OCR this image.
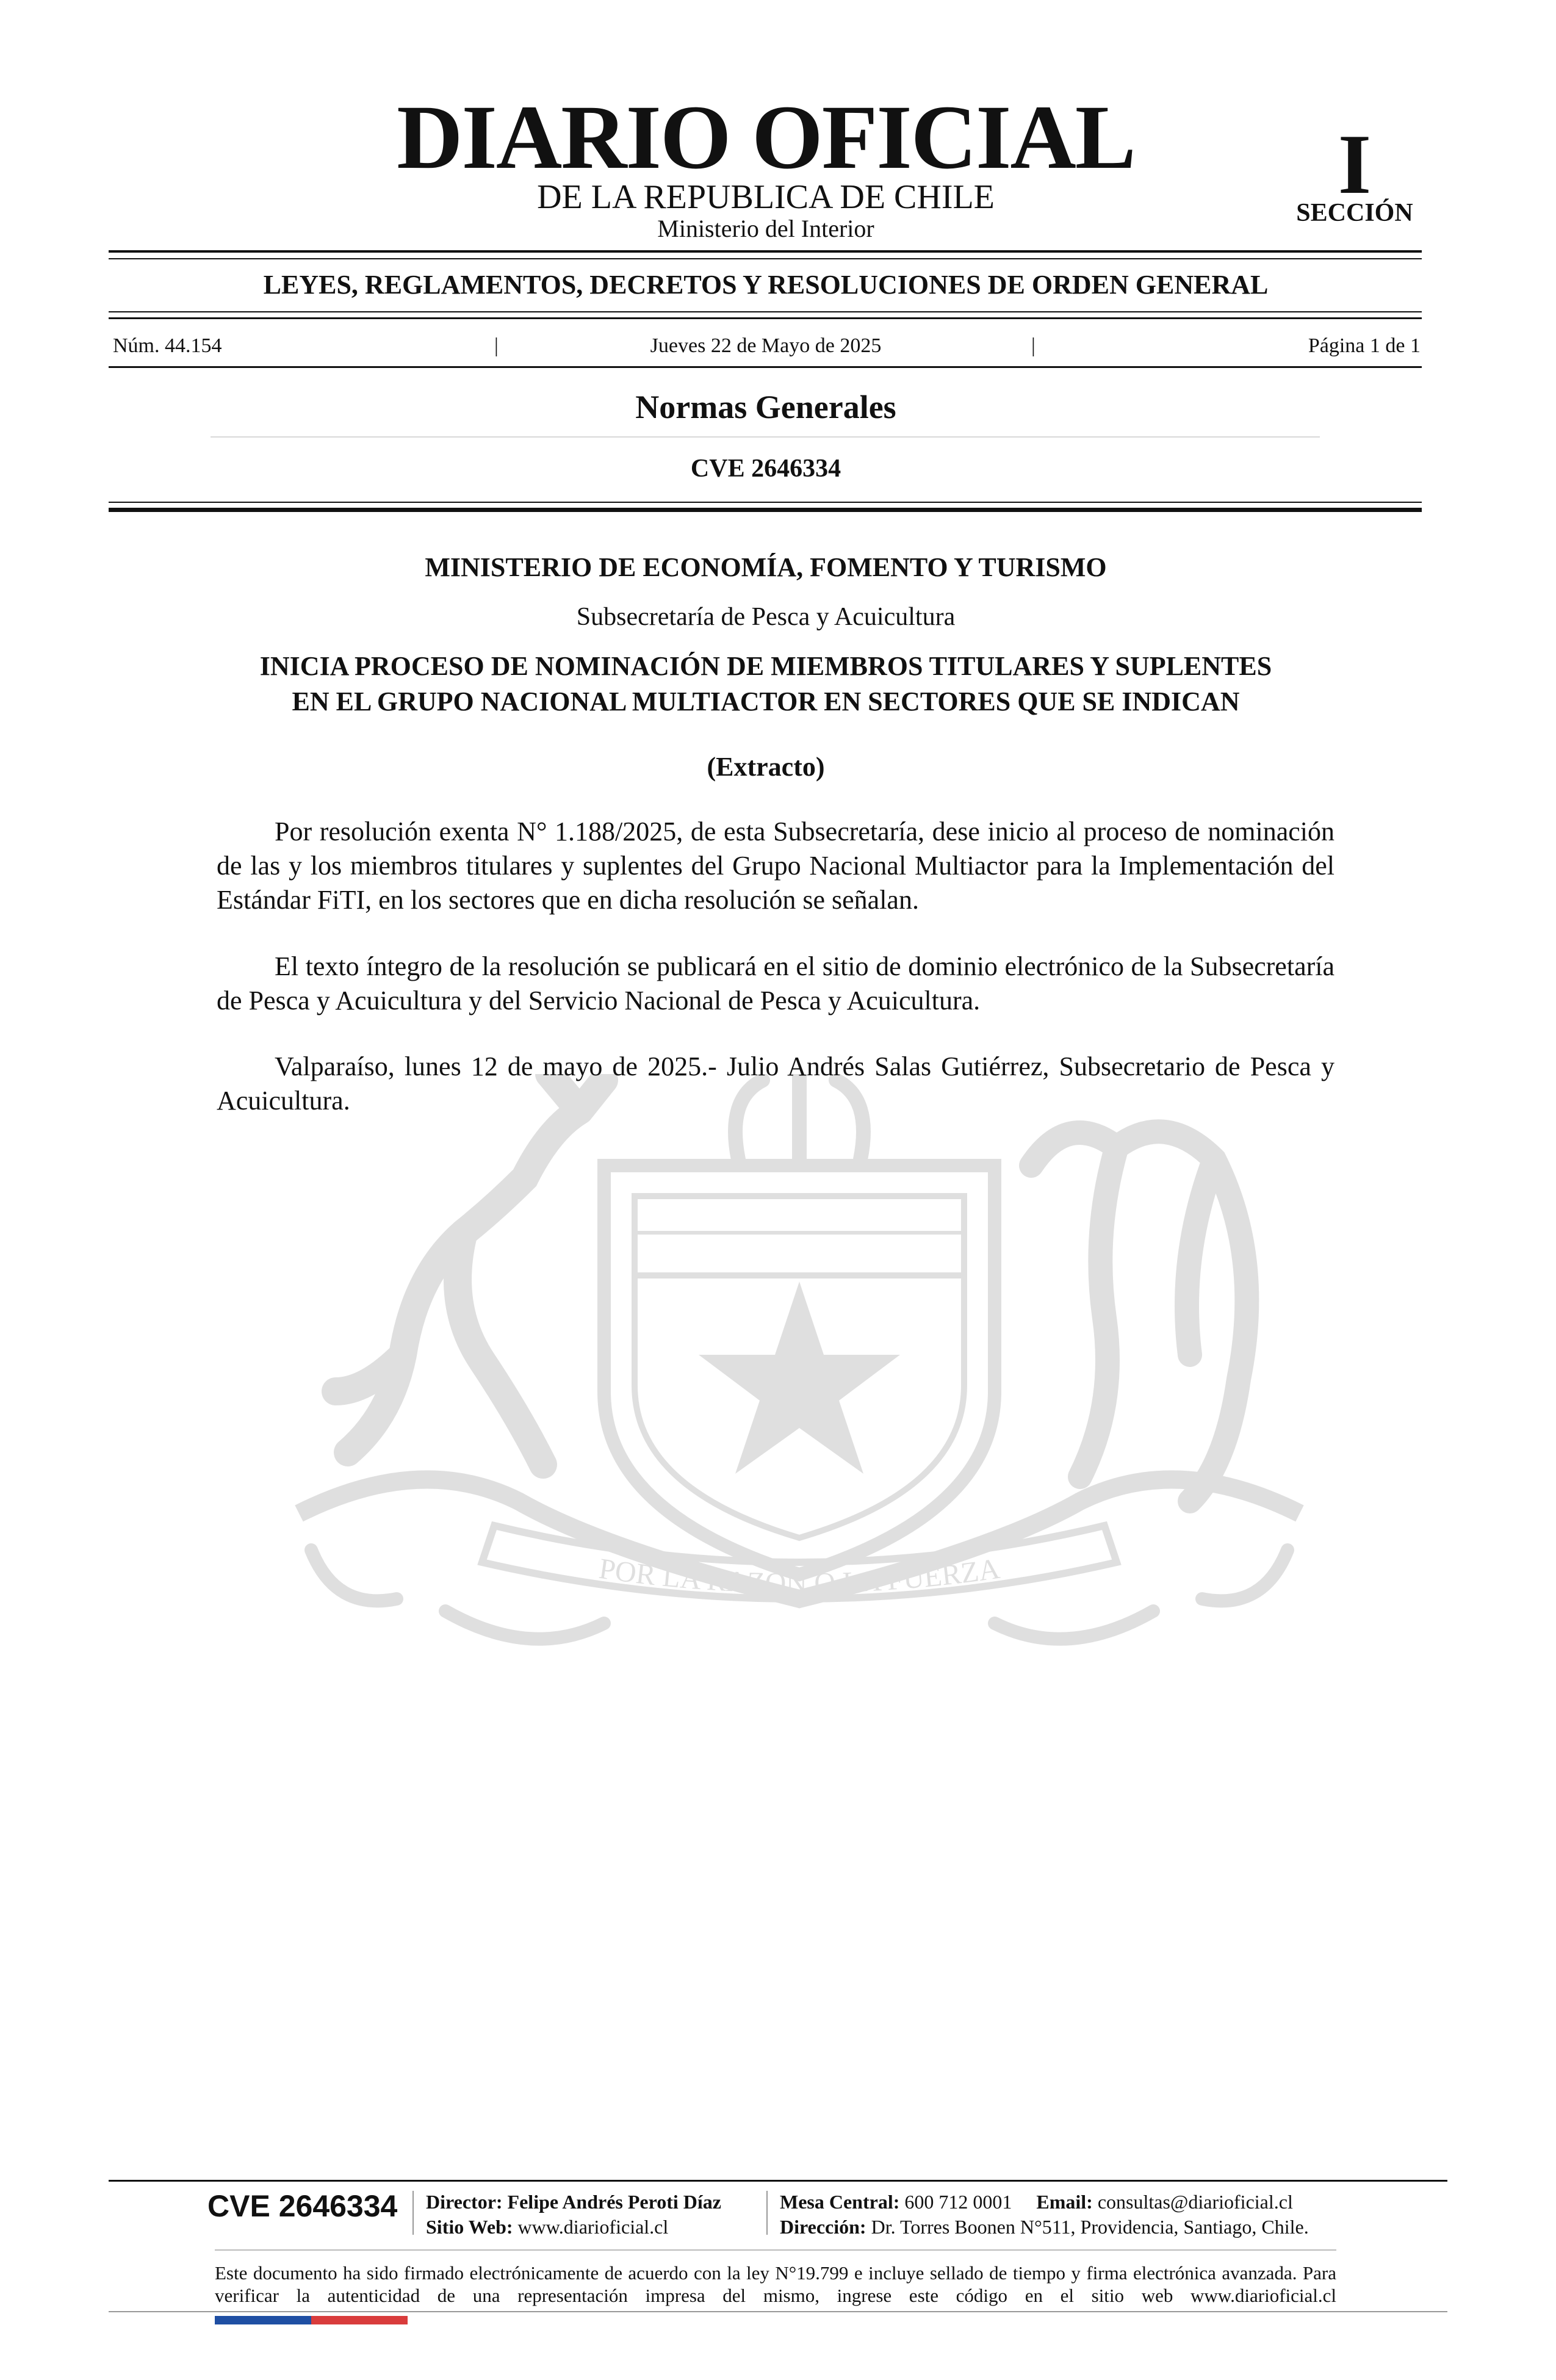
DIARIO OFICIAL
DE LA REPUBLICA DE CHILE
Ministerio del Interior
I
SECCIÓN
LEYES, REGLAMENTOS, DECRETOS Y RESOLUCIONES DE ORDEN GENERAL
Núm. 44.154	|	Jueves 22 de Mayo de 2025	|	Página 1 de 1
Normas Generales
CVE 2646334
POR LA RAZON O LA FUERZA
MINISTERIO DE ECONOMÍA, FOMENTO Y TURISMO
Subsecretaría de Pesca y Acuicultura
INICIA PROCESO DE NOMINACIÓN DE MIEMBROS TITULARES Y SUPLENTES
EN EL GRUPO NACIONAL MULTIACTOR EN SECTORES QUE SE INDICAN
(Extracto)

Por resolución exenta N° 1.188/2025, de esta Subsecretaría, dese inicio al proceso de nominación de las y los miembros titulares y suplentes del Grupo Nacional Multiactor para la Implementación del Estándar FiTI, en los sectores que en dicha resolución se señalan.

El texto íntegro de la resolución se publicará en el sitio de dominio electrónico de la Subsecretaría de Pesca y Acuicultura y del Servicio Nacional de Pesca y Acuicultura.

Valparaíso, lunes 12 de mayo de 2025.- Julio Andrés Salas Gutiérrez, Subsecretario de Pesca y Acuicultura.

CVE 2646334 Director: Felipe Andrés Peroti Díaz
Sitio Web: www.diarioficial.cl
Mesa Central: 600 712 0001 Email: consultas@diarioficial.cl
Dirección: Dr. Torres Boonen N°511, Providencia, Santiago, Chile.

Este documento ha sido firmado electrónicamente de acuerdo con la ley N°19.799 e incluye sellado de tiempo y firma electrónica avanzada. Para verificar la autenticidad de una representación impresa del mismo, ingrese este código en el sitio web www.diarioficial.cl
